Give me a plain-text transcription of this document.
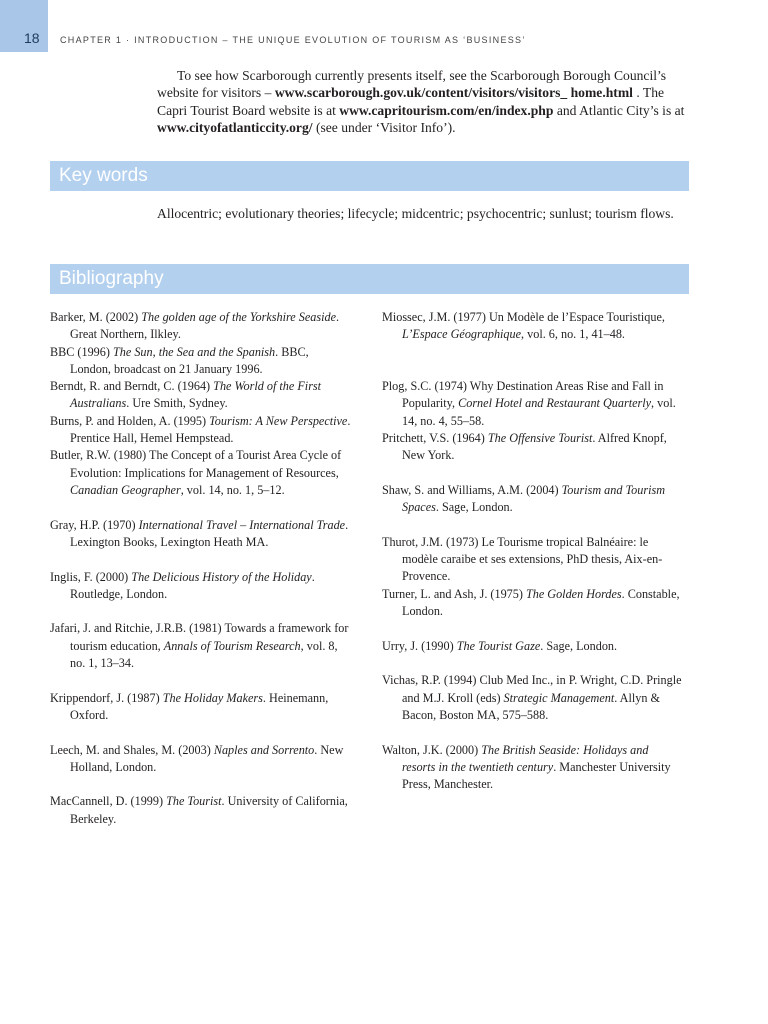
18 CHAPTER 1 · INTRODUCTION – THE UNIQUE EVOLUTION OF TOURISM AS ‘BUSINESS’

To see how Scarborough currently presents itself, see the Scarborough Borough Council’s website for visitors – www.scarborough.gov.uk/content/visitors/visitors_ home.html . The Capri Tourist Board website is at www.capritourism.com/en/index.php and Atlantic City’s is at www.cityofatlanticcity.org/ (see under ‘Visitor Info’).

Key words

Allocentric; evolutionary theories; lifecycle; midcentric; psychocentric; sunlust; tourism flows.

Bibliography
Barker, M. (2002) The golden age of the Yorkshire Seaside. Great Northern, Ilkley.
BBC (1996) The Sun, the Sea and the Spanish. BBC, London, broadcast on 21 January 1996.
Berndt, R. and Berndt, C. (1964) The World of the First Australians. Ure Smith, Sydney.
Burns, P. and Holden, A. (1995) Tourism: A New Perspective. Prentice Hall, Hemel Hempstead.
Butler, R.W. (1980) The Concept of a Tourist Area Cycle of Evolution: Implications for Management of Resources, Canadian Geographer, vol. 14, no. 1, 5–12.
Gray, H.P. (1970) International Travel – International Trade. Lexington Books, Lexington Heath MA.
Inglis, F. (2000) The Delicious History of the Holiday. Routledge, London.
Jafari, J. and Ritchie, J.R.B. (1981) Towards a framework for tourism education, Annals of Tourism Research, vol. 8, no. 1, 13–34.
Krippendorf, J. (1987) The Holiday Makers. Heinemann, Oxford.
Leech, M. and Shales, M. (2003) Naples and Sorrento. New Holland, London.
MacCannell, D. (1999) The Tourist. University of California, Berkeley.
Miossec, J.M. (1977) Un Modèle de l’Espace Touristique, L’Espace Géographique, vol. 6, no. 1, 41–48.
Plog, S.C. (1974) Why Destination Areas Rise and Fall in Popularity, Cornel Hotel and Restaurant Quarterly, vol. 14, no. 4, 55–58.
Pritchett, V.S. (1964) The Offensive Tourist. Alfred Knopf, New York.
Shaw, S. and Williams, A.M. (2004) Tourism and Tourism Spaces. Sage, London.
Thurot, J.M. (1973) Le Tourisme tropical Balnéaire: le modèle caraibe et ses extensions, PhD thesis, Aix-en-Provence.
Turner, L. and Ash, J. (1975) The Golden Hordes. Constable, London.
Urry, J. (1990) The Tourist Gaze. Sage, London.
Vichas, R.P. (1994) Club Med Inc., in P. Wright, C.D. Pringle and M.J. Kroll (eds) Strategic Management. Allyn & Bacon, Boston MA, 575–588.
Walton, J.K. (2000) The British Seaside: Holidays and resorts in the twentieth century. Manchester University Press, Manchester.
